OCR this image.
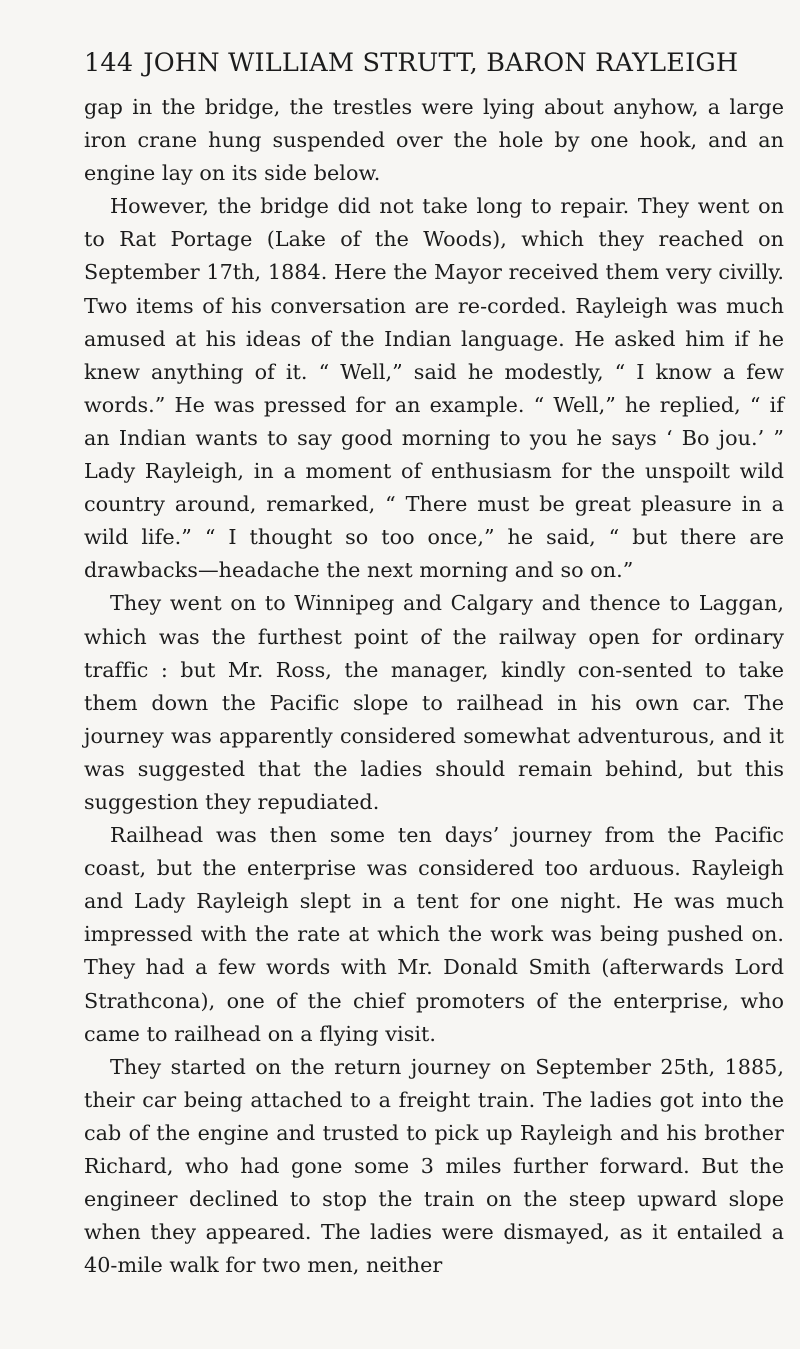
144 JOHN WILLIAM STRUTT, BARON RAYLEIGH

gap in the bridge, the trestles were lying about anyhow, a large iron crane hung suspended over the hole by one hook, and an engine lay on its side below.

However, the bridge did not take long to repair. They went on to Rat Portage (Lake of the Woods), which they reached on September 17th, 1884. Here the Mayor received them very civilly. Two items of his conversation are re-corded. Rayleigh was much amused at his ideas of the Indian language. He asked him if he knew anything of it. “ Well,” said he modestly, “ I know a few words.” He was pressed for an example. “ Well,” he replied, “ if an Indian wants to say good morning to you he says ‘ Bo jou.’ ” Lady Rayleigh, in a moment of enthusiasm for the unspoilt wild country around, remarked, “ There must be great pleasure in a wild life.” “ I thought so too once,” he said, “ but there are drawbacks—headache the next morning and so on.”

They went on to Winnipeg and Calgary and thence to Laggan, which was the furthest point of the railway open for ordinary traffic : but Mr. Ross, the manager, kindly con-sented to take them down the Pacific slope to railhead in his own car. The journey was apparently considered somewhat adventurous, and it was suggested that the ladies should remain behind, but this suggestion they repudiated.

Railhead was then some ten days’ journey from the Pacific coast, but the enterprise was considered too arduous. Rayleigh and Lady Rayleigh slept in a tent for one night. He was much impressed with the rate at which the work was being pushed on. They had a few words with Mr. Donald Smith (afterwards Lord Strathcona), one of the chief promoters of the enterprise, who came to railhead on a flying visit.

They started on the return journey on September 25th, 1885, their car being attached to a freight train. The ladies got into the cab of the engine and trusted to pick up Rayleigh and his brother Richard, who had gone some 3 miles further forward. But the engineer declined to stop the train on the steep upward slope when they appeared. The ladies were dismayed, as it entailed a 40-mile walk for two men, neither
